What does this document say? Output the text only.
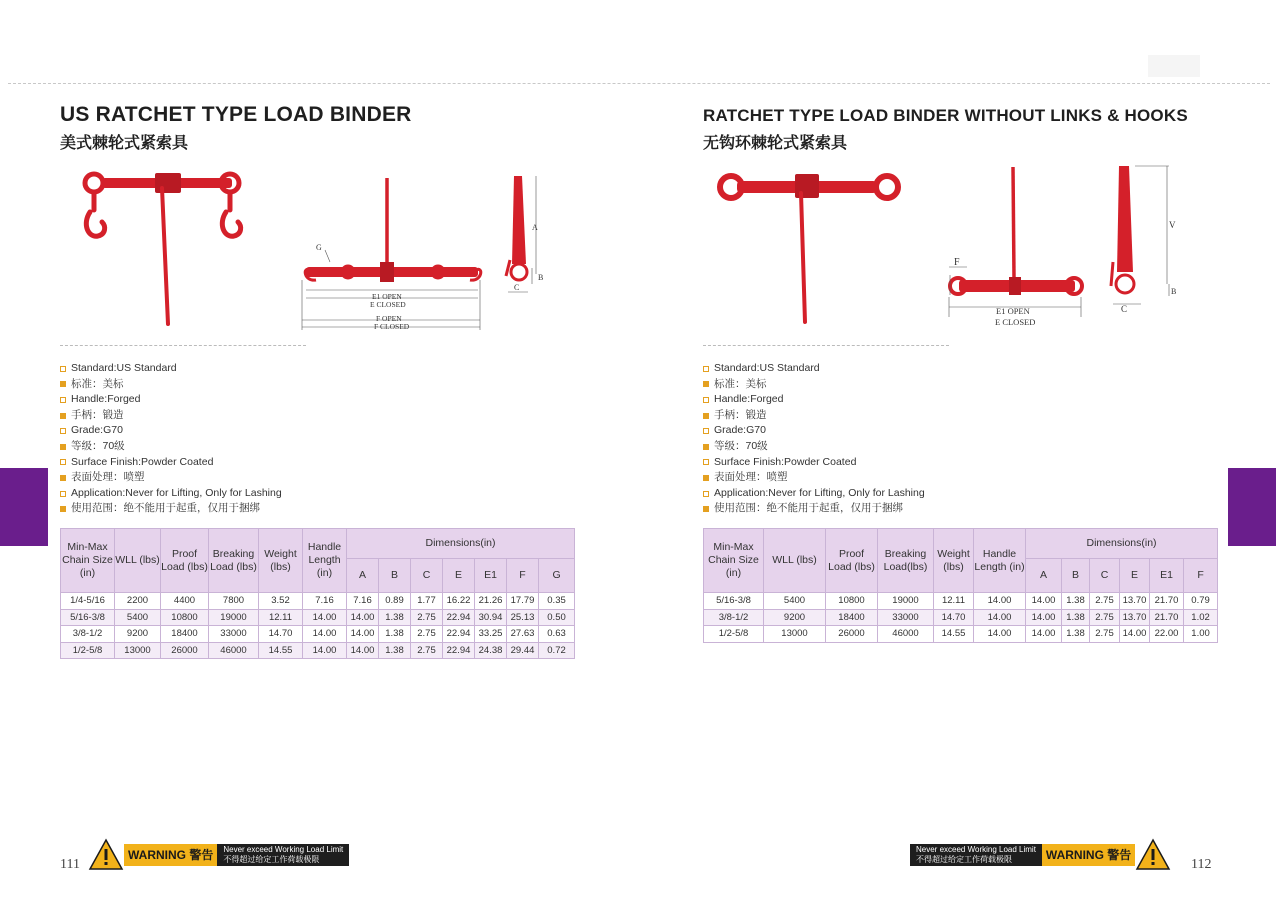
US RATCHET TYPE LOAD BINDER
美式棘轮式紧索具
G
E1 OPEN
E CLOSED
F OPEN
F CLOSED
A
B
C
Standard:US Standard
标准：美标
Handle:Forged
手柄：锻造
Grade:G70
等级：70级
Surface Finish:Powder Coated
表面处理：喷塑
Application:Never for Lifting, Only for Lashing
使用范围：绝不能用于起重，仅用于捆绑
Min-Max Chain Size (in)	WLL (lbs)	Proof Load (lbs)	Breaking Load (lbs)	Weight (lbs)	Handle Length (in)	Dimensions(in)						
						A	B	C	E	E1	F	G
1/4-5/16	2200	4400	7800	3.52	7.16	7.16	0.89	1.77	16.22	21.26	17.79	0.35
5/16-3/8	5400	10800	19000	12.11	14.00	14.00	1.38	2.75	22.94	30.94	25.13	0.50
3/8-1/2	9200	18400	33000	14.70	14.00	14.00	1.38	2.75	22.94	33.25	27.63	0.63
1/2-5/8	13000	26000	46000	14.55	14.00	14.00	1.38	2.75	22.94	24.38	29.44	0.72
111
WARNING 警告	Never exceed Working Load Limit
不得超过给定工作荷载极限
RATCHET TYPE LOAD BINDER WITHOUT LINKS & HOOKS
无钩环棘轮式紧索具
F
E1 OPEN
E CLOSED
V
B
C
Standard:US Standard
标准：美标
Handle:Forged
手柄：锻造
Grade:G70
等级：70级
Surface Finish:Powder Coated
表面处理：喷塑
Application:Never for Lifting, Only for Lashing
使用范围：绝不能用于起重，仅用于捆绑
Min-Max Chain Size (in)	WLL (lbs)	Proof Load (lbs)	Breaking Load(lbs)	Weight (lbs)	Handle Length (in)	Dimensions(in)					
						A	B	C	E	E1	F
5/16-3/8	5400	10800	19000	12.11	14.00	14.00	1.38	2.75	13.70	21.70	0.79
3/8-1/2	9200	18400	33000	14.70	14.00	14.00	1.38	2.75	13.70	21.70	1.02
1/2-5/8	13000	26000	46000	14.55	14.00	14.00	1.38	2.75	14.00	22.00	1.00
Never exceed Working Load Limit
不得超过给定工作荷载极限	WARNING 警告
112
